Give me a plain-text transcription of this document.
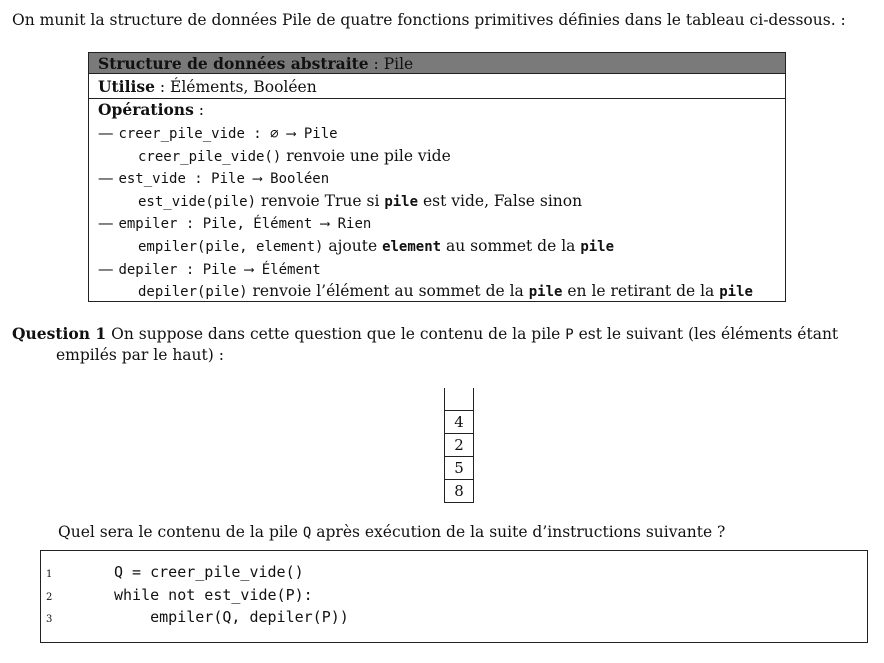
On munit la structure de données Pile de quatre fonctions primitives définies dans le tableau ci-dessous. :
Structure de données abstraite : Pile
Utilise : Éléments, Booléen
Opérations :
— creer_pile_vide : ∅ ⟶ Pile
creer_pile_vide() renvoie une pile vide
— est_vide : Pile ⟶ Booléen
est_vide(pile) renvoie True si pile est vide, False sinon
— empiler : Pile, Élément ⟶ Rien
empiler(pile, element) ajoute element au sommet de la pile
— depiler : Pile ⟶ Élément
depiler(pile) renvoie l’élément au sommet de la pile en le retirant de la pile
Question 1 On suppose dans cette question que le contenu de la pile P est le suivant (les éléments étant
empilés par le haut) :
4
2
5
8
Quel sera le contenu de la pile Q après exécution de la suite d’instructions suivante ?
1	Q = creer_pile_vide()
2	while not est_vide(P):
3	empiler(Q, depiler(P))
